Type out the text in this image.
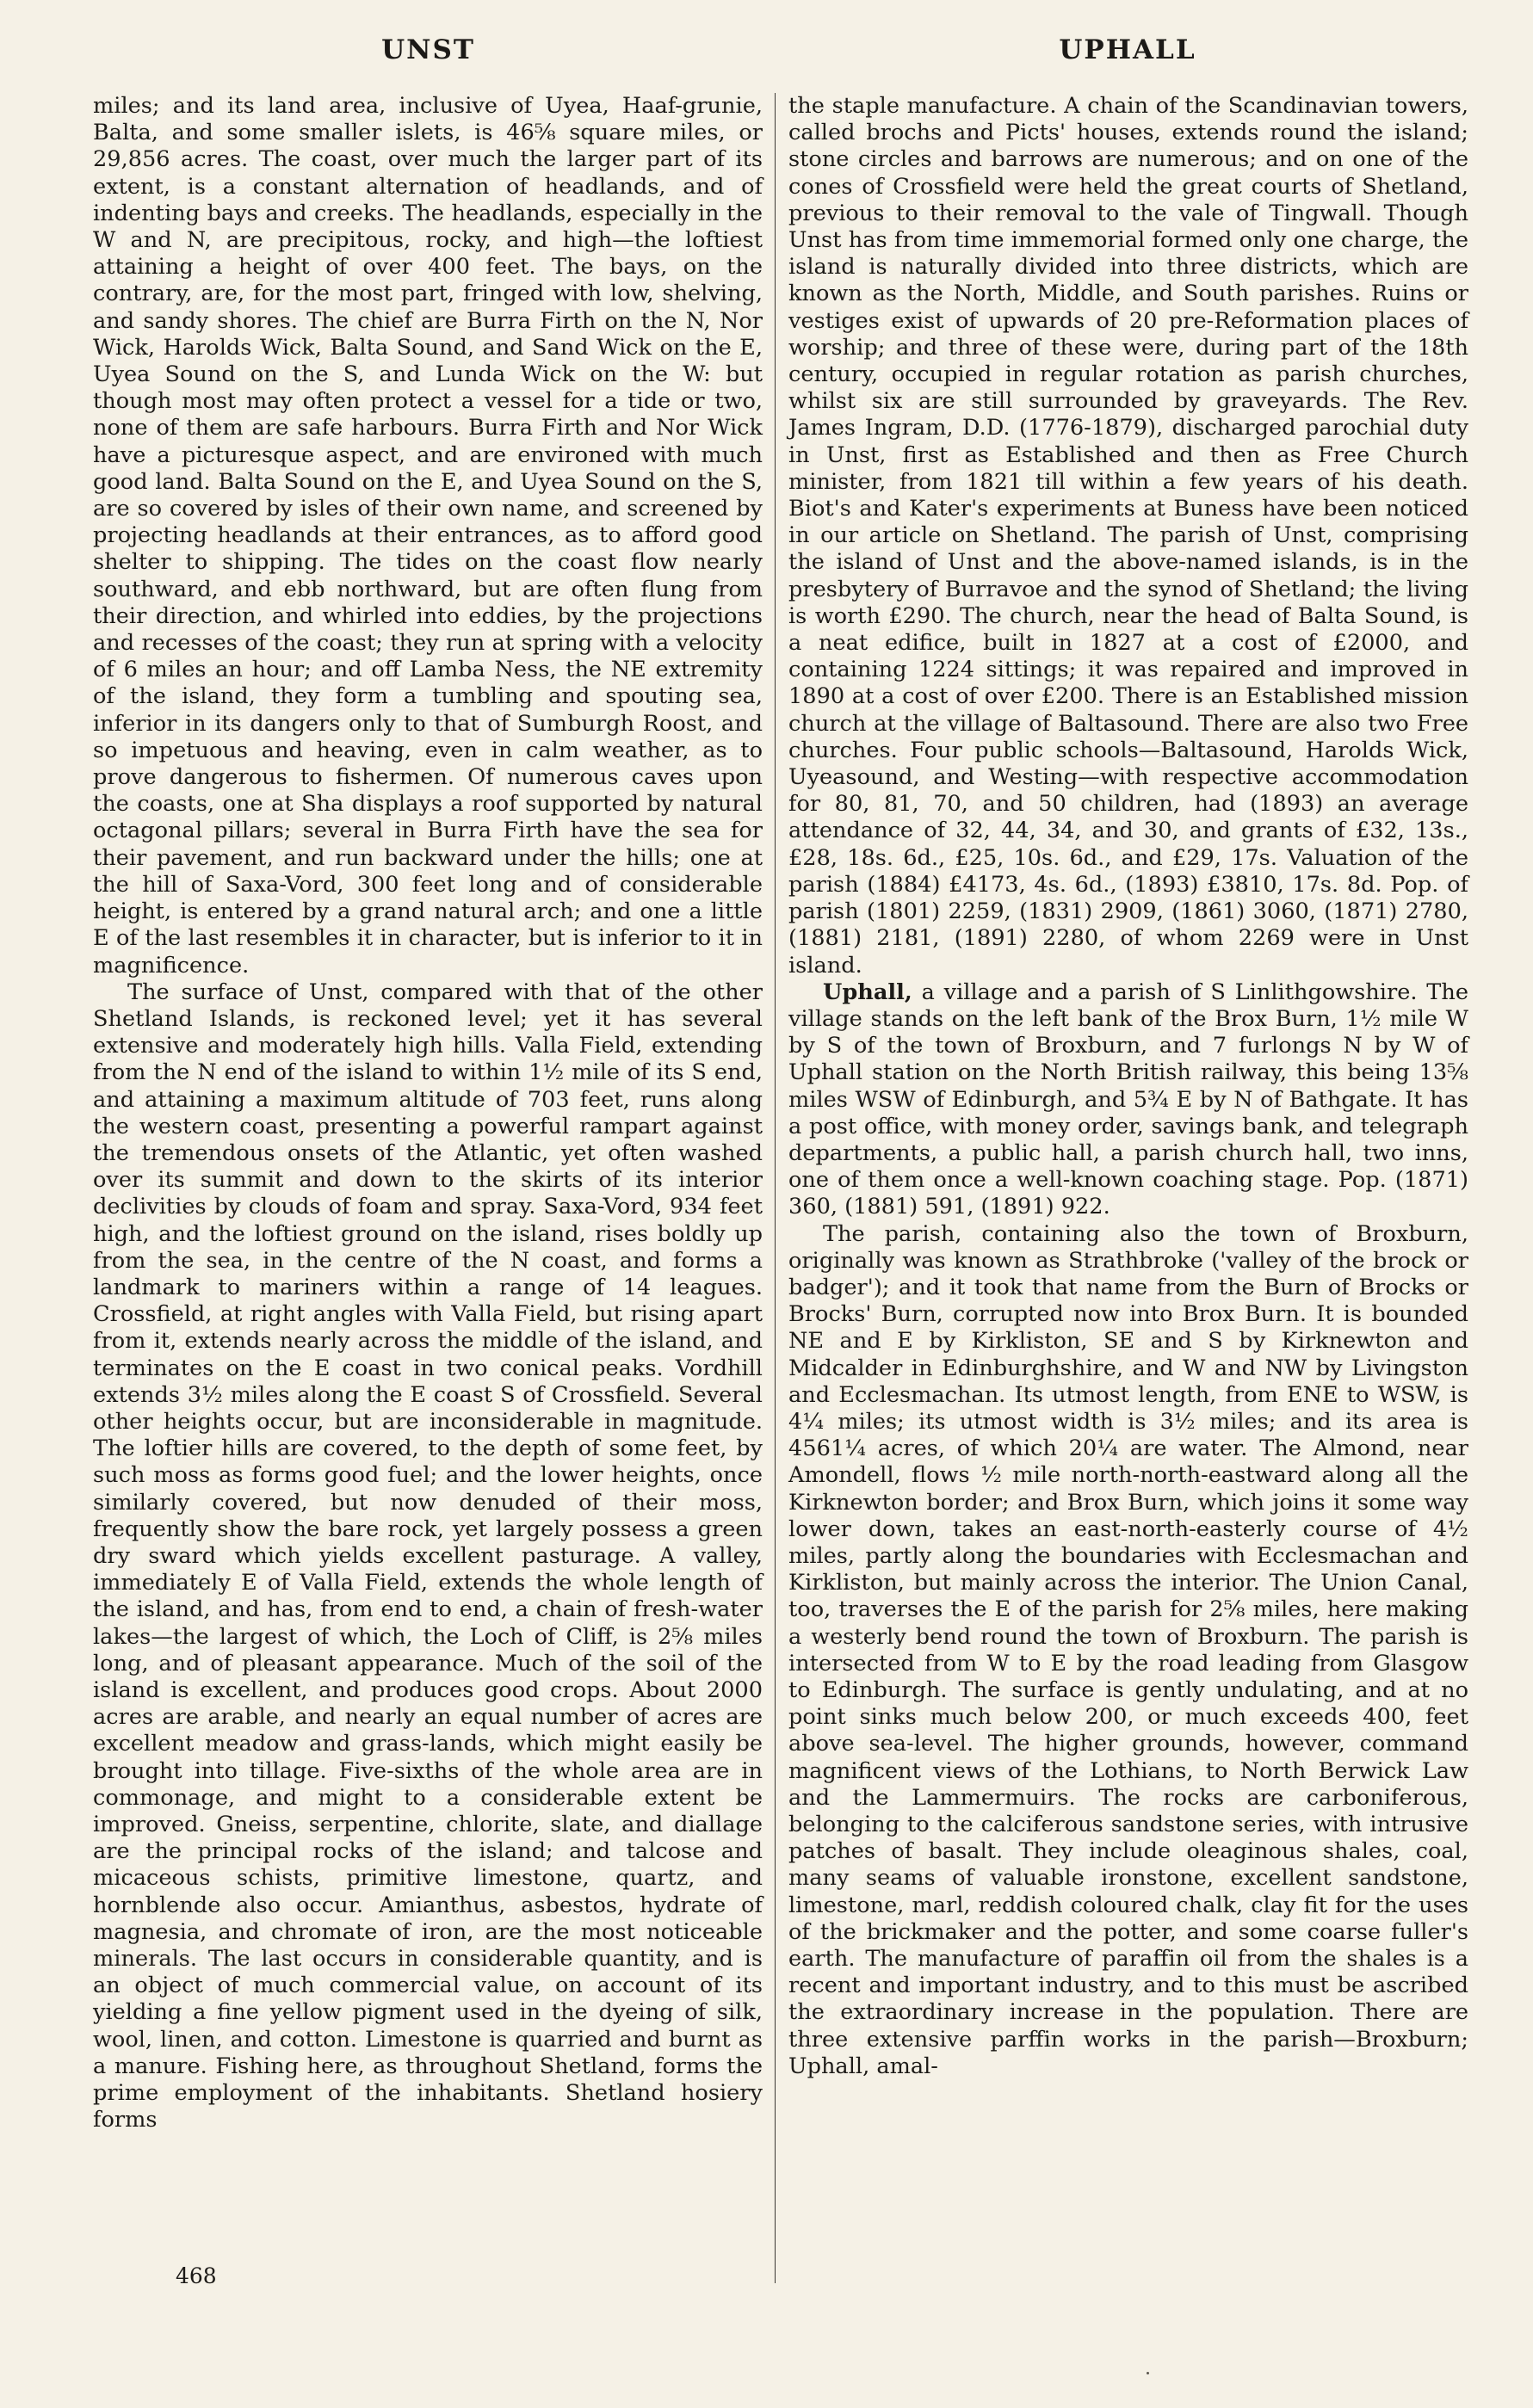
UNST	UPHALL

miles; and its land area, inclusive of Uyea, Haaf-grunie, Balta, and some smaller islets, is 46⅝ square miles, or 29,856 acres. The coast, over much the larger part of its extent, is a constant alternation of headlands, and of indenting bays and creeks. The headlands, especially in the W and N, are precipitous, rocky, and high—the loftiest attaining a height of over 400 feet. The bays, on the contrary, are, for the most part, fringed with low, shelving, and sandy shores. The chief are Burra Firth on the N, Nor Wick, Harolds Wick, Balta Sound, and Sand Wick on the E, Uyea Sound on the S, and Lunda Wick on the W: but though most may often protect a vessel for a tide or two, none of them are safe harbours. Burra Firth and Nor Wick have a picturesque aspect, and are environed with much good land. Balta Sound on the E, and Uyea Sound on the S, are so covered by isles of their own name, and screened by projecting headlands at their entrances, as to afford good shelter to shipping. The tides on the coast flow nearly southward, and ebb northward, but are often flung from their direction, and whirled into eddies, by the projections and recesses of the coast; they run at spring with a velocity of 6 miles an hour; and off Lamba Ness, the NE extremity of the island, they form a tumbling and spouting sea, inferior in its dangers only to that of Sumburgh Roost, and so impetuous and heaving, even in calm weather, as to prove dangerous to fishermen. Of numerous caves upon the coasts, one at Sha displays a roof supported by natural octagonal pillars; several in Burra Firth have the sea for their pavement, and run backward under the hills; one at the hill of Saxa-Vord, 300 feet long and of considerable height, is entered by a grand natural arch; and one a little E of the last resembles it in character, but is inferior to it in magnificence.

The surface of Unst, compared with that of the other Shetland Islands, is reckoned level; yet it has several extensive and moderately high hills. Valla Field, extending from the N end of the island to within 1½ mile of its S end, and attaining a maximum altitude of 703 feet, runs along the western coast, presenting a powerful rampart against the tremendous onsets of the Atlantic, yet often washed over its summit and down to the skirts of its interior declivities by clouds of foam and spray. Saxa-Vord, 934 feet high, and the loftiest ground on the island, rises boldly up from the sea, in the centre of the N coast, and forms a landmark to mariners within a range of 14 leagues. Crossfield, at right angles with Valla Field, but rising apart from it, extends nearly across the middle of the island, and terminates on the E coast in two conical peaks. Vordhill extends 3½ miles along the E coast S of Crossfield. Several other heights occur, but are inconsiderable in magnitude. The loftier hills are covered, to the depth of some feet, by such moss as forms good fuel; and the lower heights, once similarly covered, but now denuded of their moss, frequently show the bare rock, yet largely possess a green dry sward which yields excellent pasturage. A valley, immediately E of Valla Field, extends the whole length of the island, and has, from end to end, a chain of fresh-water lakes—the largest of which, the Loch of Cliff, is 2⅝ miles long, and of pleasant appearance. Much of the soil of the island is excellent, and produces good crops. About 2000 acres are arable, and nearly an equal number of acres are excellent meadow and grass-lands, which might easily be brought into tillage. Five-sixths of the whole area are in commonage, and might to a considerable extent be improved. Gneiss, serpentine, chlorite, slate, and diallage are the principal rocks of the island; and talcose and micaceous schists, primitive limestone, quartz, and hornblende also occur. Amianthus, asbestos, hydrate of magnesia, and chromate of iron, are the most noticeable minerals. The last occurs in considerable quantity, and is an object of much commercial value, on account of its yielding a fine yellow pigment used in the dyeing of silk, wool, linen, and cotton. Limestone is quarried and burnt as a manure. Fishing here, as throughout Shetland, forms the prime employment of the inhabitants. Shetland hosiery forms

the staple manufacture. A chain of the Scandinavian towers, called brochs and Picts' houses, extends round the island; stone circles and barrows are numerous; and on one of the cones of Crossfield were held the great courts of Shetland, previous to their removal to the vale of Tingwall. Though Unst has from time immemorial formed only one charge, the island is naturally divided into three districts, which are known as the North, Middle, and South parishes. Ruins or vestiges exist of upwards of 20 pre-Reformation places of worship; and three of these were, during part of the 18th century, occupied in regular rotation as parish churches, whilst six are still surrounded by graveyards. The Rev. James Ingram, D.D. (1776-1879), discharged parochial duty in Unst, first as Established and then as Free Church minister, from 1821 till within a few years of his death. Biot's and Kater's experiments at Buness have been noticed in our article on Shetland. The parish of Unst, comprising the island of Unst and the above-named islands, is in the presbytery of Burravoe and the synod of Shetland; the living is worth £290. The church, near the head of Balta Sound, is a neat edifice, built in 1827 at a cost of £2000, and containing 1224 sittings; it was repaired and improved in 1890 at a cost of over £200. There is an Established mission church at the village of Baltasound. There are also two Free churches. Four public schools—Baltasound, Harolds Wick, Uyeasound, and Westing—with respective accommodation for 80, 81, 70, and 50 children, had (1893) an average attendance of 32, 44, 34, and 30, and grants of £32, 13s., £28, 18s. 6d., £25, 10s. 6d., and £29, 17s. Valuation of the parish (1884) £4173, 4s. 6d., (1893) £3810, 17s. 8d. Pop. of parish (1801) 2259, (1831) 2909, (1861) 3060, (1871) 2780, (1881) 2181, (1891) 2280, of whom 2269 were in Unst island.

Uphall, a village and a parish of S Linlithgowshire. The village stands on the left bank of the Brox Burn, 1½ mile W by S of the town of Broxburn, and 7 furlongs N by W of Uphall station on the North British railway, this being 13⅝ miles WSW of Edinburgh, and 5¾ E by N of Bathgate. It has a post office, with money order, savings bank, and telegraph departments, a public hall, a parish church hall, two inns, one of them once a well-known coaching stage. Pop. (1871) 360, (1881) 591, (1891) 922.

The parish, containing also the town of Broxburn, originally was known as Strathbroke ('valley of the brock or badger'); and it took that name from the Burn of Brocks or Brocks' Burn, corrupted now into Brox Burn. It is bounded NE and E by Kirkliston, SE and S by Kirknewton and Midcalder in Edinburghshire, and W and NW by Livingston and Ecclesmachan. Its utmost length, from ENE to WSW, is 4¼ miles; its utmost width is 3½ miles; and its area is 4561¼ acres, of which 20¼ are water. The Almond, near Amondell, flows ½ mile north-north-eastward along all the Kirknewton border; and Brox Burn, which joins it some way lower down, takes an east-north-easterly course of 4½ miles, partly along the boundaries with Ecclesmachan and Kirkliston, but mainly across the interior. The Union Canal, too, traverses the E of the parish for 2⅝ miles, here making a westerly bend round the town of Broxburn. The parish is intersected from W to E by the road leading from Glasgow to Edinburgh. The surface is gently undulating, and at no point sinks much below 200, or much exceeds 400, feet above sea-level. The higher grounds, however, command magnificent views of the Lothians, to North Berwick Law and the Lammermuirs. The rocks are carboniferous, belonging to the calciferous sandstone series, with intrusive patches of basalt. They include oleaginous shales, coal, many seams of valuable ironstone, excellent sandstone, limestone, marl, reddish coloured chalk, clay fit for the uses of the brickmaker and the potter, and some coarse fuller's earth. The manufacture of paraffin oil from the shales is a recent and important industry, and to this must be ascribed the extraordinary increase in the population. There are three extensive parffin works in the parish—Broxburn; Uphall, amal-

468
